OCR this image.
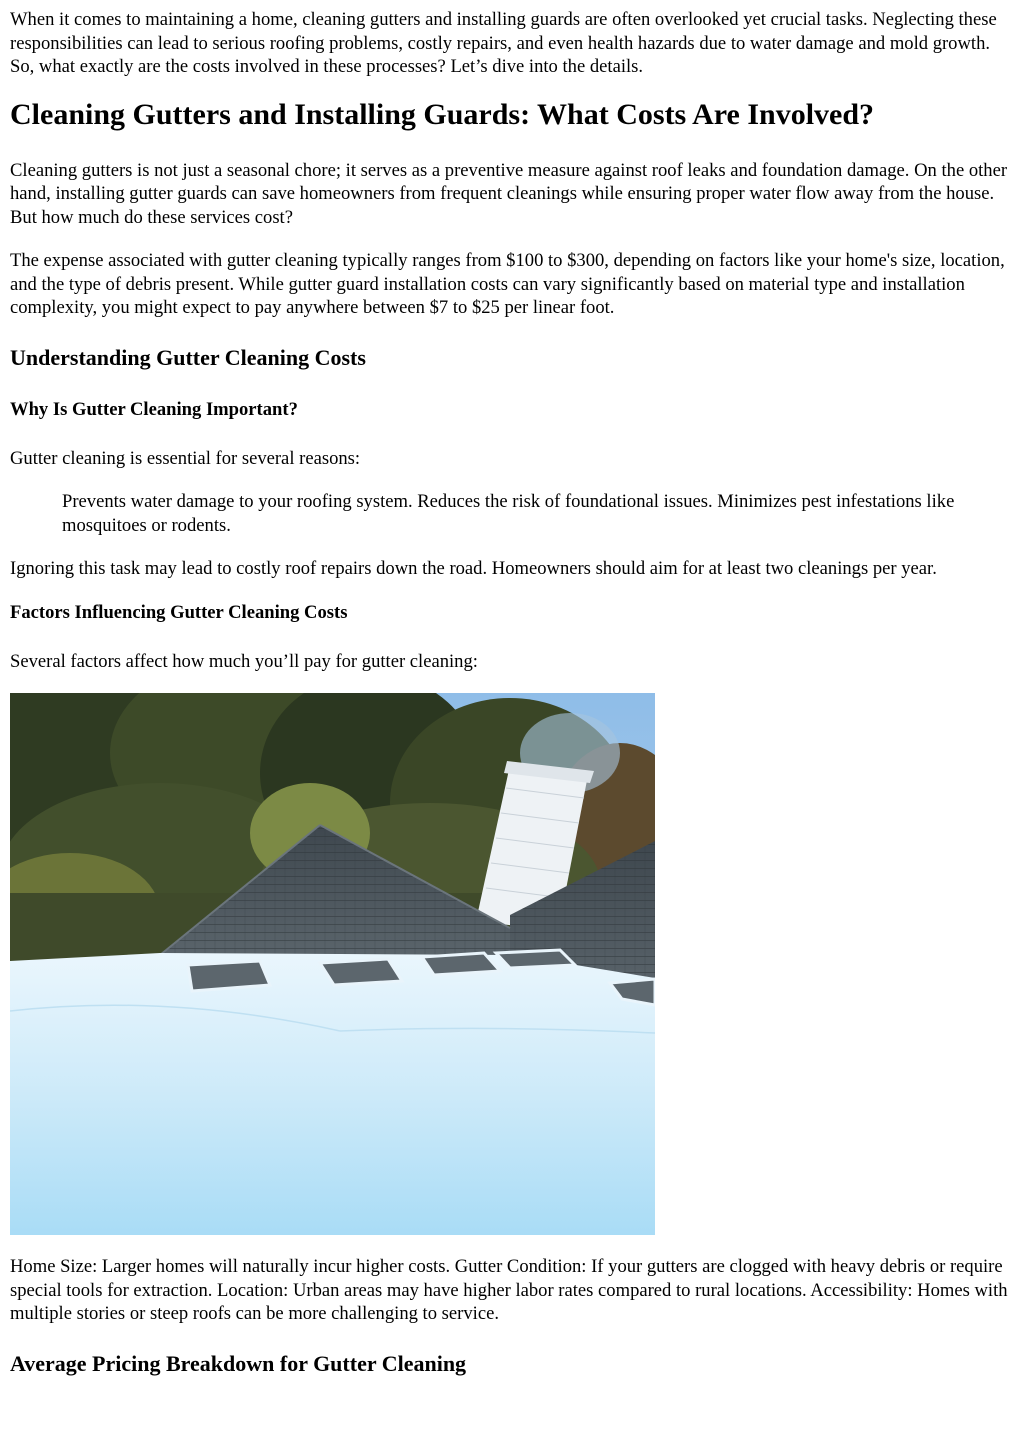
When it comes to maintaining a home, cleaning gutters and installing guards are often overlooked yet crucial tasks. Neglecting these responsibilities can lead to serious roofing problems, costly repairs, and even health hazards due to water damage and mold growth. So, what exactly are the costs involved in these processes? Let’s dive into the details.

Cleaning Gutters and Installing Guards: What Costs Are Involved?

Cleaning gutters is not just a seasonal chore; it serves as a preventive measure against roof leaks and foundation damage. On the other hand, installing gutter guards can save homeowners from frequent cleanings while ensuring proper water flow away from the house. But how much do these services cost?

The expense associated with gutter cleaning typically ranges from $100 to $300, depending on factors like your home's size, location, and the type of debris present. While gutter guard installation costs can vary significantly based on material type and installation complexity, you might expect to pay anywhere between $7 to $25 per linear foot.

Understanding Gutter Cleaning Costs
Why Is Gutter Cleaning Important?

Gutter cleaning is essential for several reasons:

Prevents water damage to your roofing system. Reduces the risk of foundational issues. Minimizes pest infestations like mosquitoes or rodents.

Ignoring this task may lead to costly roof repairs down the road. Homeowners should aim for at least two cleanings per year.

Factors Influencing Gutter Cleaning Costs

Several factors affect how much you’ll pay for gutter cleaning:

Home Size: Larger homes will naturally incur higher costs. Gutter Condition: If your gutters are clogged with heavy debris or require special tools for extraction. Location: Urban areas may have higher labor rates compared to rural locations. Accessibility: Homes with multiple stories or steep roofs can be more challenging to service.

Average Pricing Breakdown for Gutter Cleaning
